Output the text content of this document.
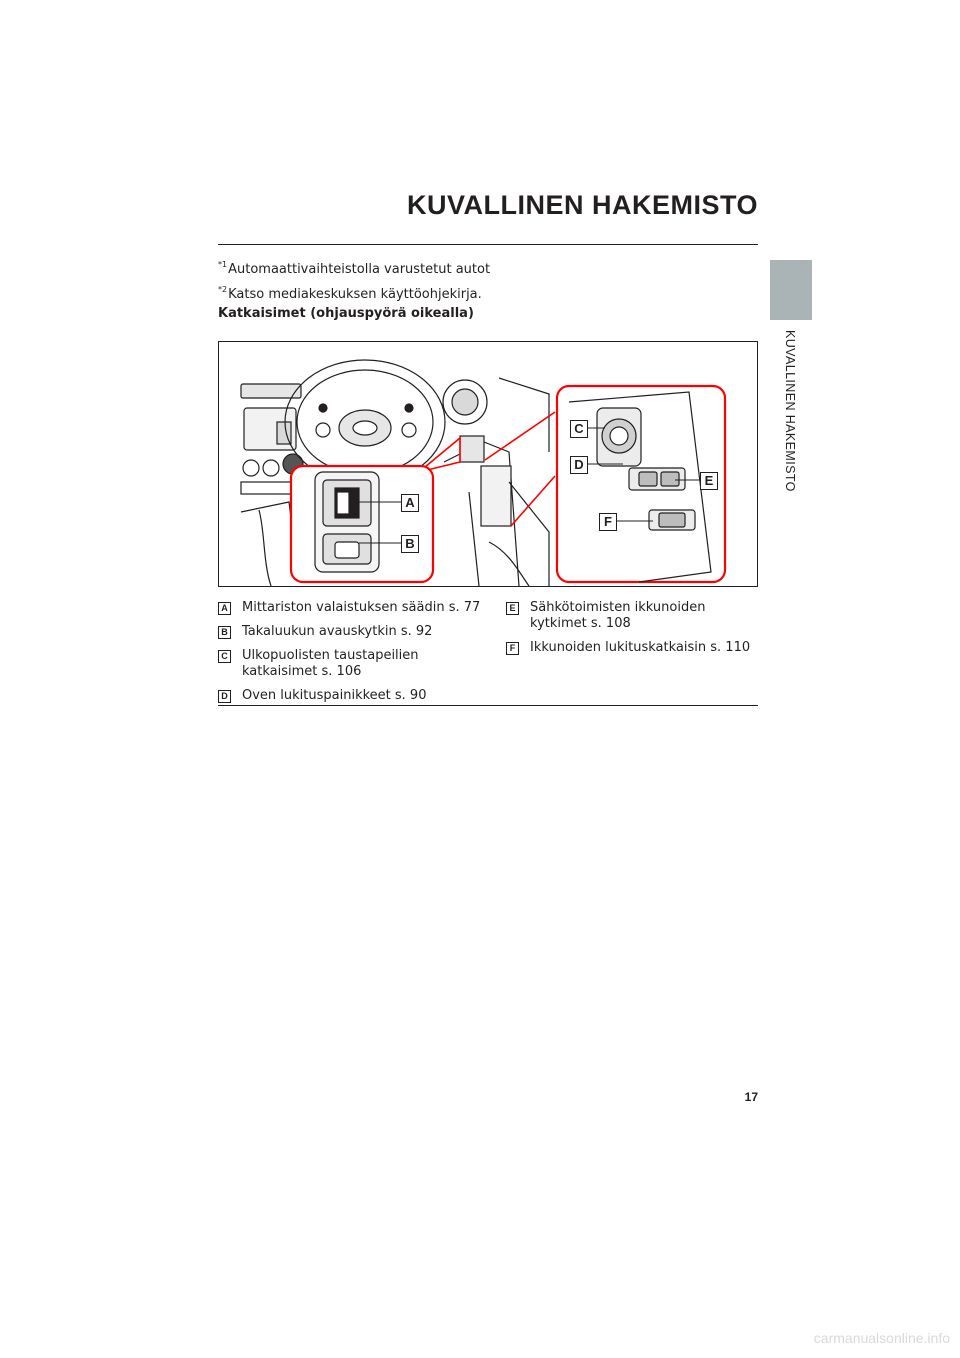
KUVALLINEN HAKEMISTO
KUVALLINEN HAKEMISTO
$^{*1}$Automaattivaihteistolla varustetut autot
$^{*2}$Katso mediakeskuksen käyttöohjekirja.
Katkaisimet (ohjauspyörä oikealla)
A
B
C
D
E
F
A Mittariston valaistuksen säädin s. 77
B Takaluukun avauskytkin s. 92
C Ulkopuolisten taustapeilien katkaisimet s. 106
D Oven lukituspainikkeet s. 90
E Sähkötoimisten ikkunoiden kytkimet s. 108
F Ikkunoiden lukituskatkaisin s. 110
17
carmanualsonline.info
